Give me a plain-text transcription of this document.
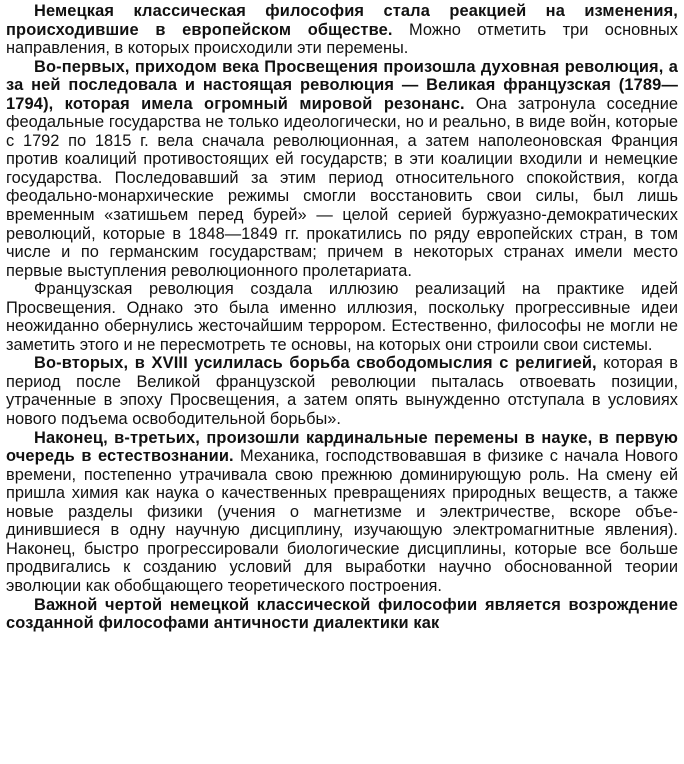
Немецкая классическая философия стала реакцией на изменения, происходившие в европейском обществе. Можно отметить три основных направления, в которых происходили эти перемены.

Во-первых, приходом века Просвещения произошла духовная революция, а за ней последовала и настоящая революция — Великая французская (1789—1794), которая имела огромный мировой резонанс. Она затронула соседние феодальные государства не только идеологически, но и реально, в виде войн, которые с 1792 по 1815 г. вела сначала революционная, а затем наполеоновская Франция против коалиций противостоящих ей государств; в эти коалиции входили и немецкие государства. Последовавший за этим период относительного спокойствия, когда феодально-монархические режимы смогли восстановить свои силы, был лишь временным «затишьем перед бурей» — целой серией буржуазно-демократических революций, которые в 1848—1849 гг. прокатились по ряду европейских стран, в том числе и по германским государствам; причем в некоторых странах имели место первые выступления революционного пролетариата.

Французская революция создала иллюзию реализаций на практике идей Просвещения. Однако это была именно иллюзия, поскольку прогрессивные идеи неожиданно обернулись жесточайшим террором. Естественно, философы не могли не заметить этого и не пересмотреть те основы, на которых они строили свои системы.

Во-вторых, в XVIII усилилась борьба свободомыслия с религией, которая в период после Великой французской революции пыталась отвоевать позиции, утраченные в эпоху Просвещения, а затем опять вынужденно отступала в условиях нового подъема освободительной борьбы».

Наконец, в-третьих, произошли кардинальные перемены в науке, в первую очередь в естествознании. Механика, господствовавшая в физике с начала Нового времени, постепенно утрачивала свою прежнюю доминирующую роль. На смену ей пришла химия как наука о качественных превращениях природных веществ, а также новые разделы физики (учения о магнетизме и электричестве, вскоре объединившиеся в одну научную дисциплину, изучающую электромагнитные явления). Наконец, быстро прогрессировали биологические дисциплины, которые все больше продвигались к созданию условий для выработки научно обоснованной теории эволюции как обобщающего теоретического построения.

Важной чертой немецкой классической философии является возрождение созданной философами античности диалектики как
